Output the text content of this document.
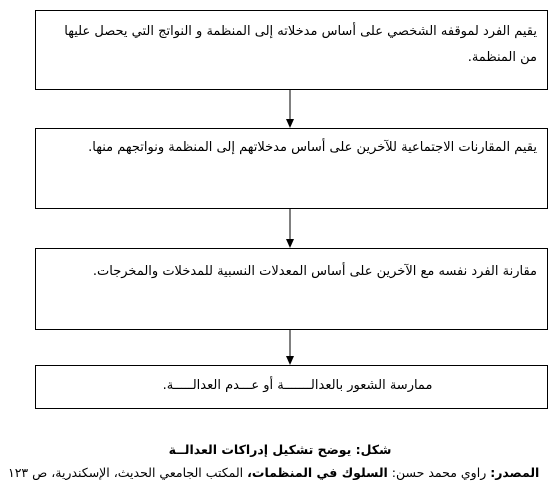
يقيم الفرد لموقفه الشخصي على أساس مدخلاته إلى المنظمة و النواتج التي يحصل عليها من المنظمة.
يقيم المقارنات الاجتماعية للآخرين على أساس مدخلاتهم إلى المنظمة ونواتجهم منها.
مقارنة الفرد نفسه مع الآخرين على أساس المعدلات النسبية للمدخلات والمخرجات.
ممارسة الشعور بالعدالـــــــة أو عـــدم العدالـــــة.
شكل: يوضح تشكيل إدراكات العدالــة
المصدر: راوي محمد حسن: السلوك في المنظمات، المكتب الجامعي الحديث، الإسكندرية، ص ١٢٣
